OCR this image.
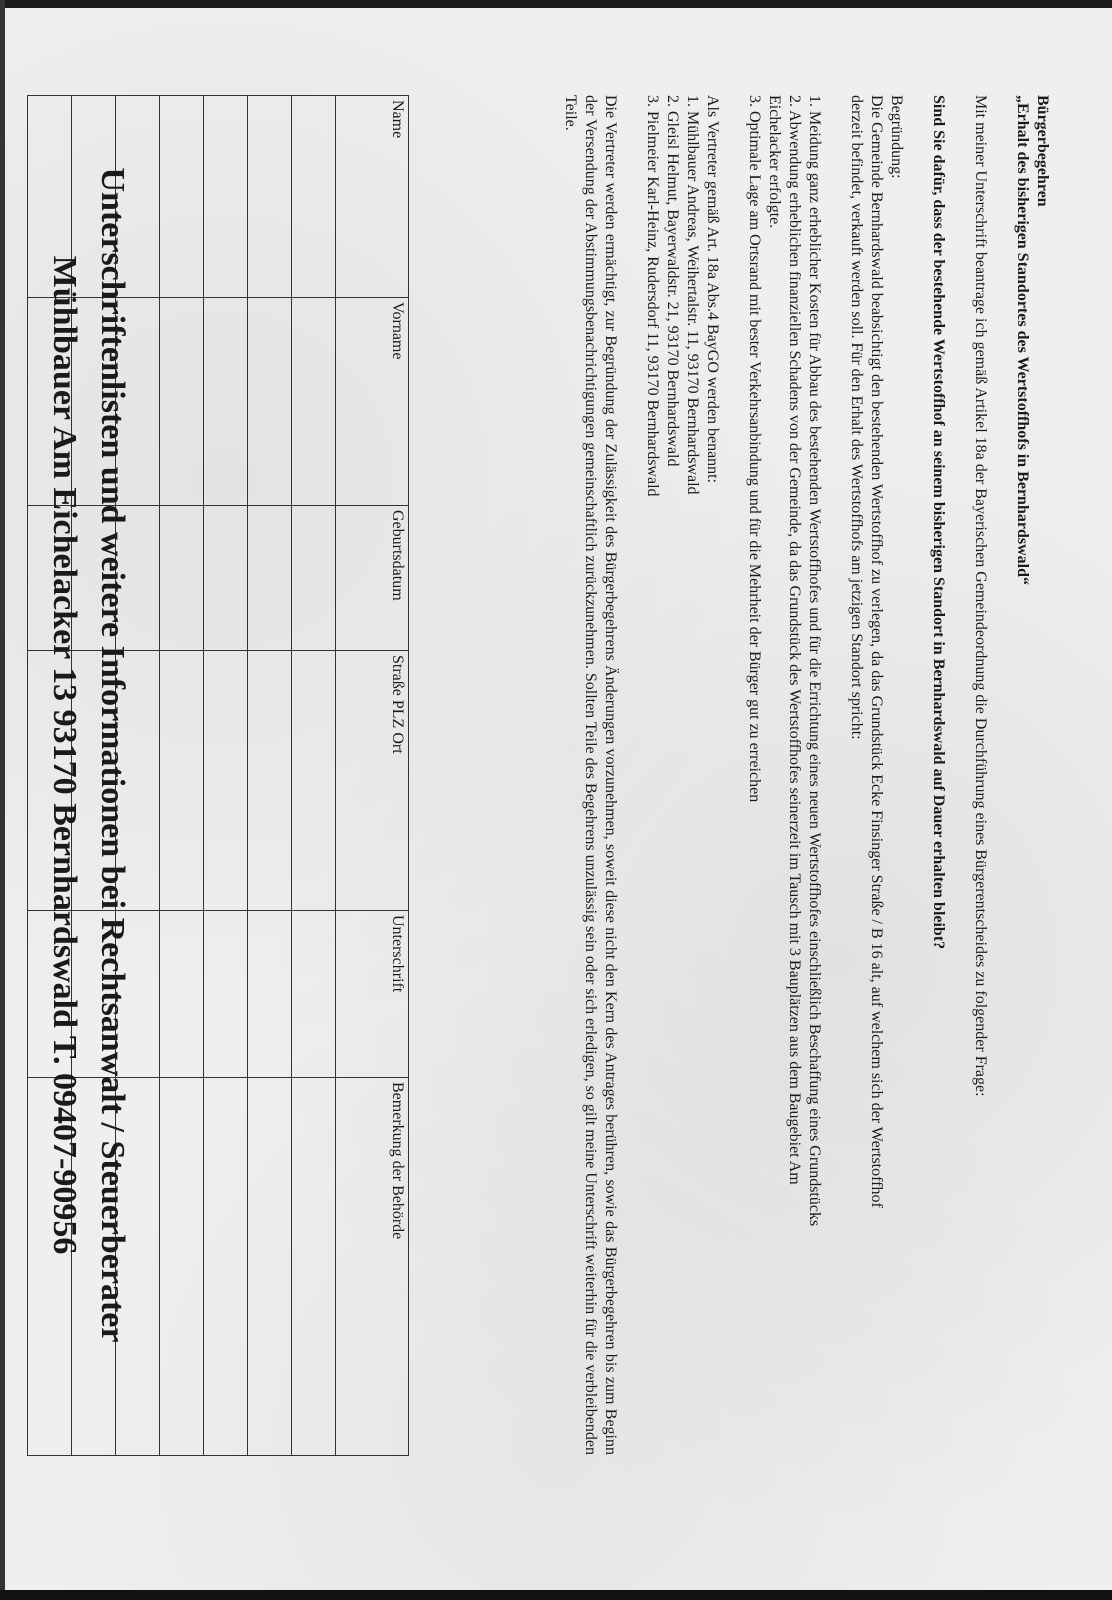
Bürgerbegehren

„Erhalt des bisherigen Standortes des Wertstoffhofs in Bernhardswald“

Mit meiner Unterschrift beantrage ich gemäß Artikel 18a der Bayerischen Gemeindeordnung die Durchführung eines Bürgerentscheides zu folgender Frage:

Sind Sie dafür, dass der bestehende Wertstoffhof an seinem bisherigen Standort in Bernhardswald auf Dauer erhalten bleibt?

Begründung:

Die Gemeinde Bernhardswald beabsichtigt den bestehenden Wertstoffhof zu verlegen, da das Grundstück Ecke Finsinger Straße / B 16 alt, auf welchem sich der Wertstoffhof

derzeit befindet, verkauft werden soll. Für den Erhalt des Wertstoffhofs am jetzigen Standort spricht:

1. Meidung ganz erheblicher Kosten für Abbau des bestehenden Wertstoffhofes und für die Errichtung eines neuen Wertstoffhofes einschließlich Beschaffung eines Grundstücks

2. Abwendung erheblichen finanziellen Schadens von der Gemeinde, da das Grundstück des Wertstoffhofes seinerzeit im Tausch mit 3 Bauplätzen aus dem Baugebiet Am

Eichelacker erfolgte.

3. Optimale Lage am Ortsrand mit bester Verkehrsanbindung und für die Mehrheit der Bürger gut zu erreichen

Als Vertreter gemäß Art. 18a Abs.4 BayGO werden benannt:

1. Mühlbauer Andreas, Weihertalstr. 11, 93170 Bernhardswald

2. Gleisl Helmut, Bayerwaldstr. 21, 93170 Bernhardswald

3. Pielmeier Karl-Heinz, Rudersdorf 11, 93170 Bernhardswald

Die Vertreter werden ermächtigt, zur Begründung der Zulässigkeit des Bürgerbegehrens Änderungen vorzunehmen, soweit diese nicht den Kern des Antrages berühren, sowie das Bürgerbegehren bis zum Beginn der Versendung der Abstimmungsbenachrichtigungen gemeinschaftlich zurückzunehmen. Sollten Teile des Begehrens unzulässig sein oder sich erledigen, so gilt meine Unterschrift weiterhin für die verbleibenden Teile.

Name	Vorname	Geburtsdatum	Straße PLZ Ort	Unterschrift	Bemerkung der Behörde

Unterschriftenlisten und weitere Informationen bei Rechtsanwalt / Steuerberater

Mühlbauer Am Eichelacker 13 93170 Bernhardswald T. 09407-90956
